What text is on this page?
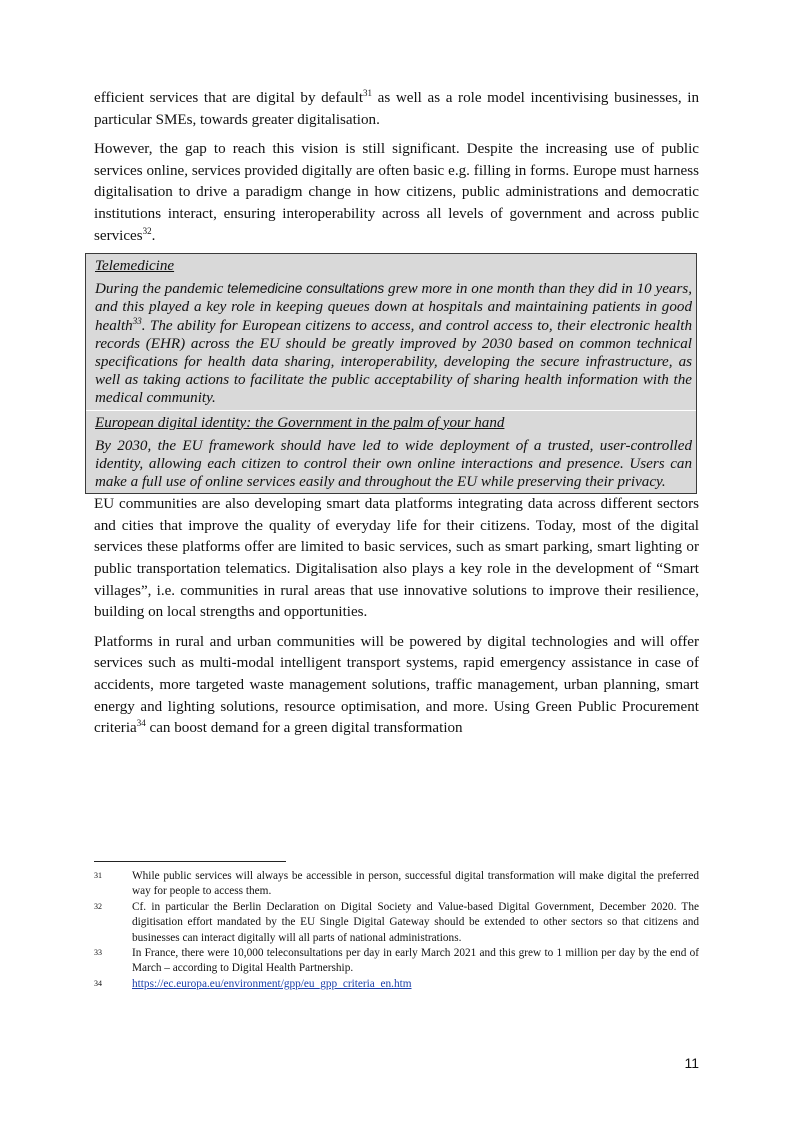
efficient services that are digital by default$^{31}$ as well as a role model incentivising businesses, in particular SMEs, towards greater digitalisation.

However, the gap to reach this vision is still significant. Despite the increasing use of public services online, services provided digitally are often basic e.g. filling in forms. Europe must harness digitalisation to drive a paradigm change in how citizens, public administrations and democratic institutions interact, ensuring interoperability across all levels of government and across public services$^{32}$.

Telemedicine

During the pandemic telemedicine consultations grew more in one month than they did in 10 years, and this played a key role in keeping queues down at hospitals and maintaining patients in good health$^{33}$. The ability for European citizens to access, and control access to, their electronic health records (EHR) across the EU should be greatly improved by 2030 based on common technical specifications for health data sharing, interoperability, developing the secure infrastructure, as well as taking actions to facilitate the public acceptability of sharing health information with the medical community.

European digital identity: the Government in the palm of your hand

By 2030, the EU framework should have led to wide deployment of a trusted, user-controlled identity, allowing each citizen to control their own online interactions and presence. Users can make a full use of online services easily and throughout the EU while preserving their privacy.

EU communities are also developing smart data platforms integrating data across different sectors and cities that improve the quality of everyday life for their citizens. Today, most of the digital services these platforms offer are limited to basic services, such as smart parking, smart lighting or public transportation telematics. Digitalisation also plays a key role in the development of “Smart villages”, i.e. communities in rural areas that use innovative solutions to improve their resilience, building on local strengths and opportunities.

Platforms in rural and urban communities will be powered by digital technologies and will offer services such as multi-modal intelligent transport systems, rapid emergency assistance in case of accidents, more targeted waste management solutions, traffic management, urban planning, smart energy and lighting solutions, resource optimisation, and more. Using Green Public Procurement criteria$^{34}$ can boost demand for a green digital transformation

31	While public services will always be accessible in person, successful digital transformation will make digital the preferred way for people to access them.
32	Cf. in particular the Berlin Declaration on Digital Society and Value-based Digital Government, December 2020. The digitisation effort mandated by the EU Single Digital Gateway should be extended to other sectors so that citizens and businesses can interact digitally will all parts of national administrations.
33	In France, there were 10,000 teleconsultations per day in early March 2021 and this grew to 1 million per day by the end of March – according to Digital Health Partnership.
34	https://ec.europa.eu/environment/gpp/eu_gpp_criteria_en.htm
11
